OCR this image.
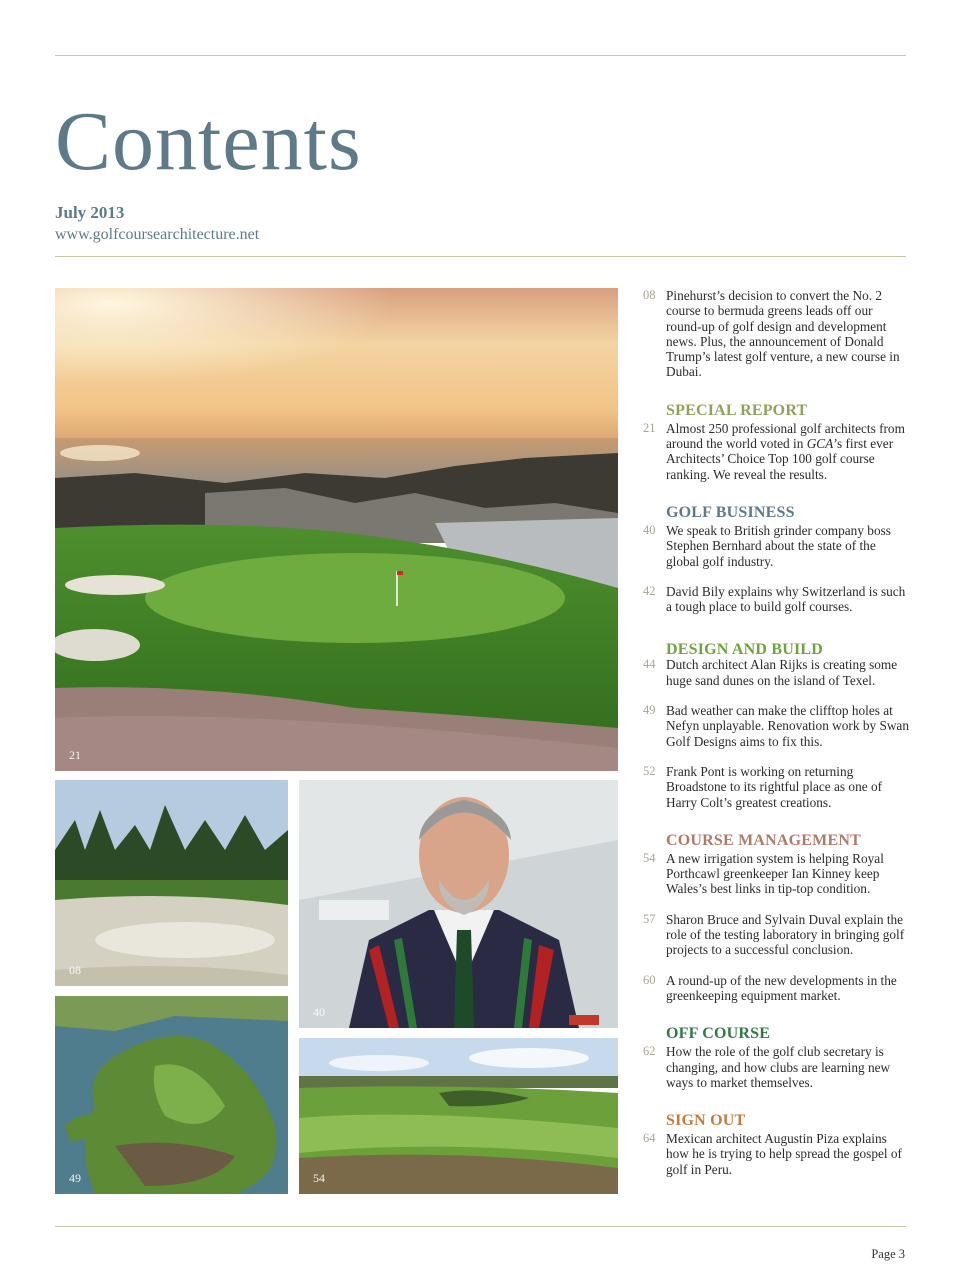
Contents
July 2013
www.golfcoursearchitecture.net
21
08
40
49	54
08 Pinehurst’s decision to convert the No. 2 course to bermuda greens leads off our round-up of golf design and development news. Plus, the announcement of Donald Trump’s latest golf venture, a new course in Dubai.
SPECIAL REPORT
21 Almost 250 professional golf architects from around the world voted in GCA’s first ever Architects’ Choice Top 100 golf course ranking. We reveal the results.
GOLF BUSINESS
40 We speak to British grinder company boss Stephen Bernhard about the state of the global golf industry.
42 David Bily explains why Switzerland is such a tough place to build golf courses.
DESIGN AND BUILD
44 Dutch architect Alan Rijks is creating some huge sand dunes on the island of Texel.
49 Bad weather can make the clifftop holes at Nefyn unplayable. Renovation work by Swan Golf Designs aims to fix this.
52 Frank Pont is working on returning Broadstone to its rightful place as one of Harry Colt’s greatest creations.
COURSE MANAGEMENT
54 A new irrigation system is helping Royal Porthcawl greenkeeper Ian Kinney keep Wales’s best links in tip-top condition.
57 Sharon Bruce and Sylvain Duval explain the role of the testing laboratory in bringing golf projects to a successful conclusion.
60 A round-up of the new developments in the greenkeeping equipment market.
OFF COURSE
62 How the role of the golf club secretary is changing, and how clubs are learning new ways to market themselves.
SIGN OUT
64 Mexican architect Augustin Piza explains how he is trying to help spread the gospel of golf in Peru.
Page 3
